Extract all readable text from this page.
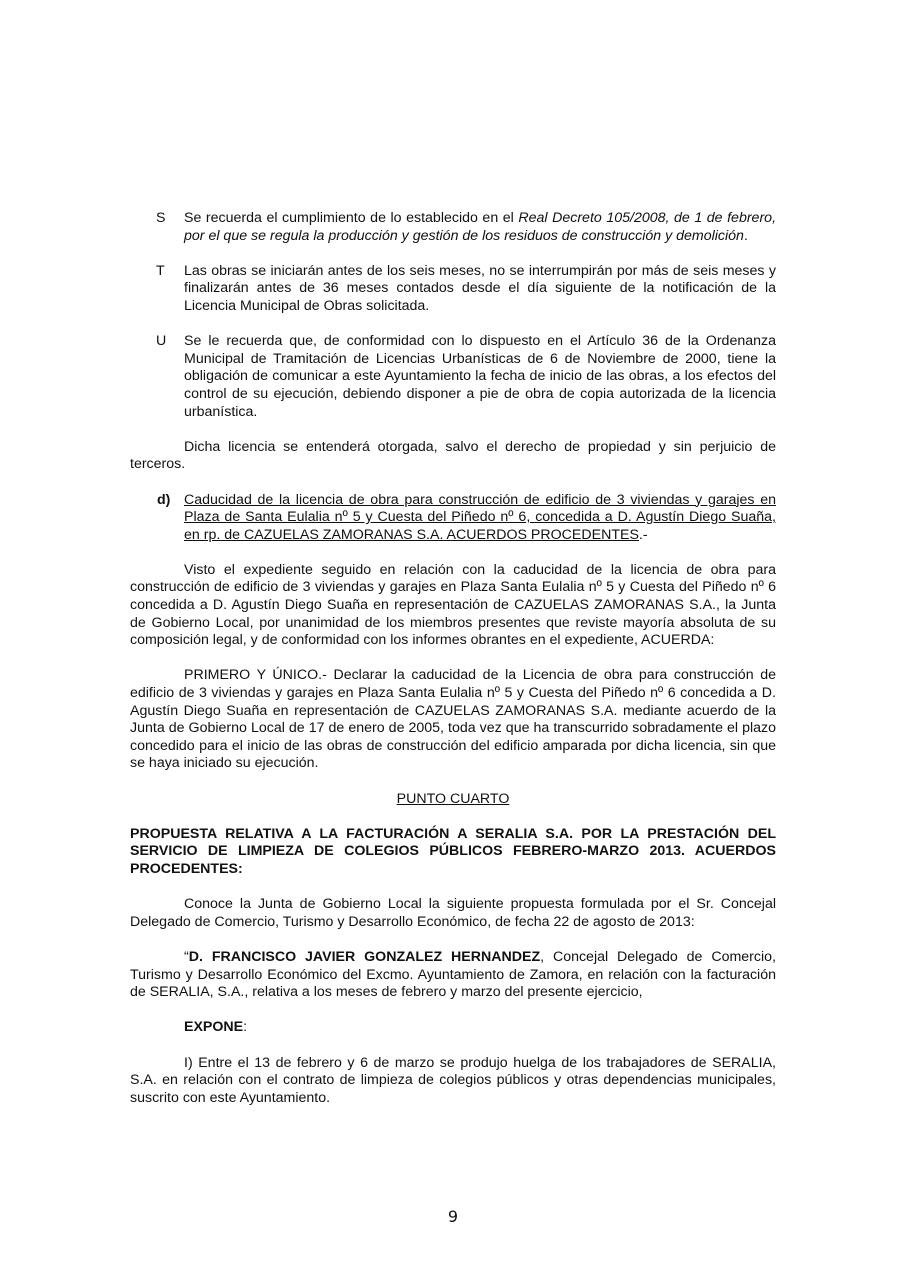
S Se recuerda el cumplimiento de lo establecido en el Real Decreto 105/2008, de 1 de febrero, por el que se regula la producción y gestión de los residuos de construcción y demolición.
T Las obras se iniciarán antes de los seis meses, no se interrumpirán por más de seis meses y finalizarán antes de 36 meses contados desde el día siguiente de la notificación de la Licencia Municipal de Obras solicitada.
U Se le recuerda que, de conformidad con lo dispuesto en el Artículo 36 de la Ordenanza Municipal de Tramitación de Licencias Urbanísticas de 6 de Noviembre de 2000, tiene la obligación de comunicar a este Ayuntamiento la fecha de inicio de las obras, a los efectos del control de su ejecución, debiendo disponer a pie de obra de copia autorizada de la licencia urbanística.

Dicha licencia se entenderá otorgada, salvo el derecho de propiedad y sin perjuicio de terceros.

d) Caducidad de la licencia de obra para construcción de edificio de 3 viviendas y garajes en Plaza de Santa Eulalia nº 5 y Cuesta del Piñedo nº 6, concedida a D. Agustín Diego Suaña, en rp. de CAZUELAS ZAMORANAS S.A. ACUERDOS PROCEDENTES.-

Visto el expediente seguido en relación con la caducidad de la licencia de obra para construcción de edificio de 3 viviendas y garajes en Plaza Santa Eulalia nº 5 y Cuesta del Piñedo nº 6 concedida a D. Agustín Diego Suaña en representación de CAZUELAS ZAMORANAS S.A., la Junta de Gobierno Local, por unanimidad de los miembros presentes que reviste mayoría absoluta de su composición legal, y de conformidad con los informes obrantes en el expediente, ACUERDA:

PRIMERO Y ÚNICO.- Declarar la caducidad de la Licencia de obra para construcción de edificio de 3 viviendas y garajes en Plaza Santa Eulalia nº 5 y Cuesta del Piñedo nº 6 concedida a D. Agustín Diego Suaña en representación de CAZUELAS ZAMORANAS S.A. mediante acuerdo de la Junta de Gobierno Local de 17 de enero de 2005, toda vez que ha transcurrido sobradamente el plazo concedido para el inicio de las obras de construcción del edificio amparada por dicha licencia, sin que se haya iniciado su ejecución.

PUNTO CUARTO

PROPUESTA RELATIVA A LA FACTURACIÓN A SERALIA S.A. POR LA PRESTACIÓN DEL SERVICIO DE LIMPIEZA DE COLEGIOS PÚBLICOS FEBRERO-MARZO 2013. ACUERDOS PROCEDENTES:

Conoce la Junta de Gobierno Local la siguiente propuesta formulada por el Sr. Concejal Delegado de Comercio, Turismo y Desarrollo Económico, de fecha 22 de agosto de 2013:

“D. FRANCISCO JAVIER GONZALEZ HERNANDEZ, Concejal Delegado de Comercio, Turismo y Desarrollo Económico del Excmo. Ayuntamiento de Zamora, en relación con la facturación de SERALIA, S.A., relativa a los meses de febrero y marzo del presente ejercicio,

EXPONE:

I) Entre el 13 de febrero y 6 de marzo se produjo huelga de los trabajadores de SERALIA, S.A. en relación con el contrato de limpieza de colegios públicos y otras dependencias municipales, suscrito con este Ayuntamiento.

9
